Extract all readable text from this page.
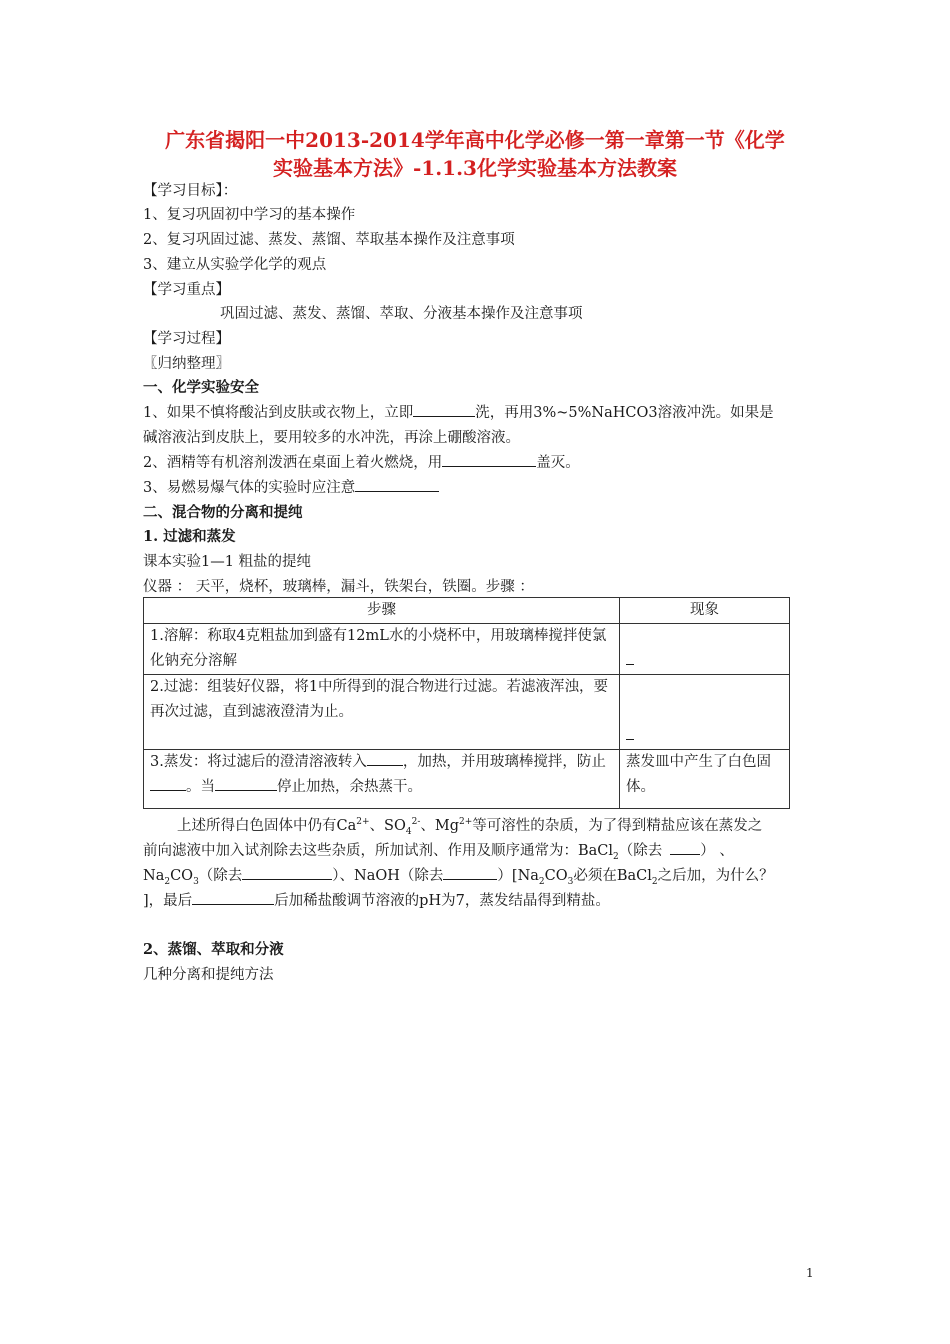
广东省揭阳一中2013-2014学年高中化学必修一第一章第一节《化学
实验基本方法》-1.1.3化学实验基本方法教案
【学习目标】：
1、复习巩固初中学习的基本操作
2、复习巩固过滤、蒸发、蒸馏、萃取基本操作及注意事项
3、建立从实验学化学的观点
【学习重点】
巩固过滤、蒸发、蒸馏、萃取、分液基本操作及注意事项
【学习过程】
〖归纳整理〗
一、化学实验安全
1、如果不慎将酸沾到皮肤或衣物上，立即	洗，再用3%~5%NaHCO3溶液冲洗。如果是
碱溶液沾到皮肤上，要用较多的水冲洗，再涂上硼酸溶液。
2、酒精等有机溶剂泼洒在桌面上着火燃烧，用	盖灭。
3、易燃易爆气体的实验时应注意
二、混合物的分离和提纯
1. 过滤和蒸发
课本实验1—1 粗盐的提纯
仪器 ： 天平，烧杯，玻璃棒，漏斗，铁架台，铁圈。步骤 ：
步骤	现象
1.溶解：称取4克粗盐加到盛有12mL水的小烧杯中，用玻璃棒搅拌使氯化钠充分溶解	
2.过滤：组装好仪器，将1中所得到的混合物进行过滤。若滤液浑浊，要再次过滤，直到滤液澄清为止。	
3.蒸发：将过滤后的澄清溶液转入 ，加热，并用玻璃棒搅拌，防止。当 停止加热，余热蒸干。	蒸发皿中产生了白色固体。
上述所得白色固体中仍有$Ca^{2+}$、$SO_4^{2-}$、$Mg^{2+}$等可溶性的杂质，为了得到精盐应该在蒸发之
前向滤液中加入试剂除去这些杂质，所加试剂、作用及顺序通常为：BaCl$_2$（除去	） 、
$Na_2CO_3$（除去	）、NaOH（除去	）[$Na_2CO_3$必须在BaCl$_2$之后加，为什么？
]，最后	后加稀盐酸调节溶液的pH为7，蒸发结晶得到精盐。
2、蒸馏、萃取和分液
几种分离和提纯方法
1
